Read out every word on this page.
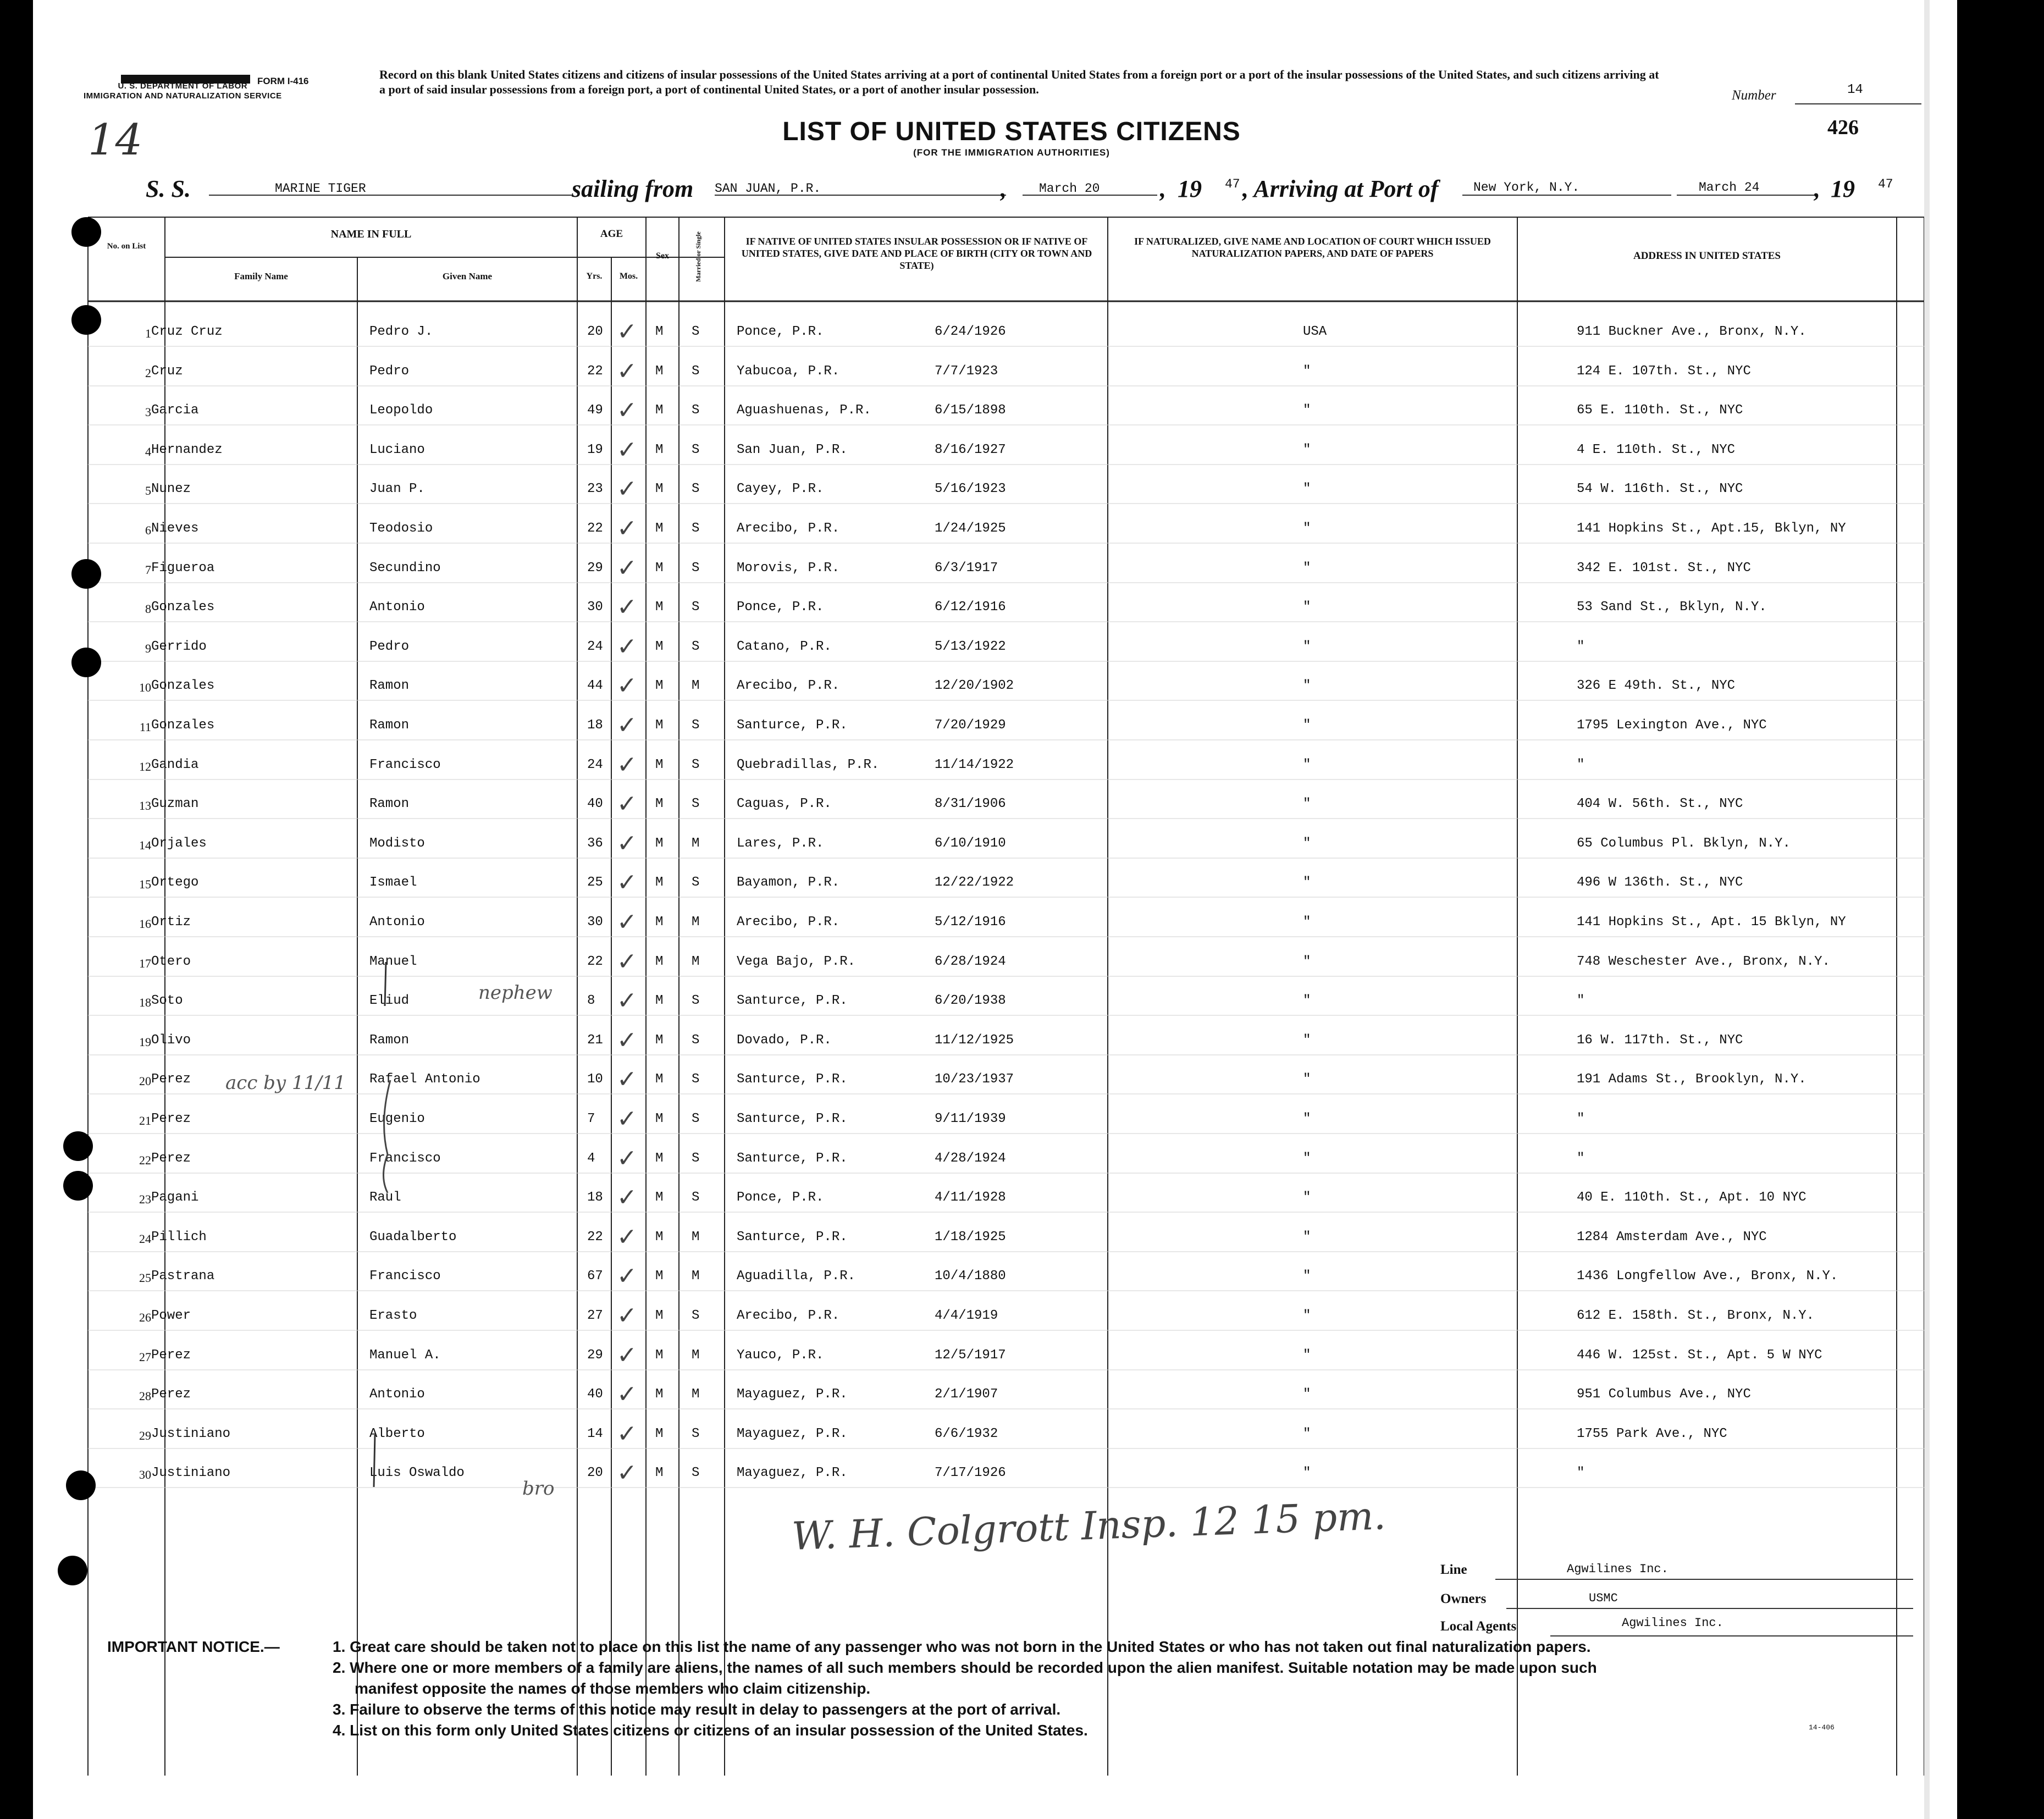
FORM I-416
U. S. DEPARTMENT OF LABOR
IMMIGRATION AND NATURALIZATION SERVICE
Record on this blank United States citizens and citizens of insular possessions of the United States arriving at a port of continental United States from a foreign port or a port of the insular possessions of the United States, and such citizens arriving at a port of said insular possessions from a foreign port, a port of continental United States, or a port of another insular possession.	Number	14
14	LIST OF UNITED STATES CITIZENS
(FOR THE IMMIGRATION AUTHORITIES)
426
S. S.	MARINE TIGER	sailing from SAN JUAN, P.R.	,	March 20 , 19 47 , Arriving at Port of	New York, N.Y.	March 24 , 19 47
No. on List
NAME IN FULL
Family Name	Given Name
AGE
Yrs.	Mos.
Sex	Married or Single	IF NATIVE OF UNITED STATES INSULAR POSSESSION OR IF NATIVE OF UNITED STATES, GIVE DATE AND PLACE OF BIRTH (CITY OR TOWN AND STATE)
IF NATURALIZED, GIVE NAME AND LOCATION OF COURT WHICH ISSUED NATURALIZATION PAPERS, AND DATE OF PAPERS	ADDRESS IN UNITED STATES
1 Cruz Cruz	Pedro J.	20	M S	Ponce, P.R.	6/24/1926	USA	911 Buckner Ave., Bronx, N.Y.
✓
2 Cruz	Pedro	22	M S	Yabucoa, P.R.	7/7/1923	"	124 E. 107th. St., NYC
✓
3 Garcia	Leopoldo	49	M S	Aguashuenas, P.R.	6/15/1898	"	65 E. 110th. St., NYC
✓
4 Hernandez	Luciano	19	M S	San Juan, P.R.	8/16/1927	"	4 E. 110th. St., NYC
✓
5 Nunez	Juan P.	23	M S	Cayey, P.R.	5/16/1923	"	54 W. 116th. St., NYC
✓
6 Nieves	Teodosio	22	M S	Arecibo, P.R.	1/24/1925	"	141 Hopkins St., Apt.15, Bklyn, NY
✓
7 Figueroa	Secundino	29	M S	Morovis, P.R.	6/3/1917	"	342 E. 101st. St., NYC
✓
8 Gonzales	Antonio	30	M S	Ponce, P.R.	6/12/1916	"	53 Sand St., Bklyn, N.Y.
✓
9 Gerrido	Pedro	24	M S	Catano, P.R.	5/13/1922	"	"
✓
10 Gonzales	Ramon	44	M M	Arecibo, P.R.	12/20/1902	"	326 E 49th. St., NYC
✓
11 Gonzales	Ramon	18	M S	Santurce, P.R.	7/20/1929	"	1795 Lexington Ave., NYC
✓
12 Gandia	Francisco	24	M S	Quebradillas, P.R.	11/14/1922	"	"
✓
13 Guzman	Ramon	40	M S	Caguas, P.R.	8/31/1906	"	404 W. 56th. St., NYC
✓
14 Orjales	Modisto	36	M M	Lares, P.R.	6/10/1910	"	65 Columbus Pl. Bklyn, N.Y.
✓
15 Ortego	Ismael	25	M S	Bayamon, P.R.	12/22/1922	"	496 W 136th. St., NYC
✓
16 Ortiz	Antonio	30	M M	Arecibo, P.R.	5/12/1916	"	141 Hopkins St., Apt. 15 Bklyn, NY
✓
17 Otero	Manuel	22	M M	Vega Bajo, P.R.	6/28/1924	"	748 Weschester Ave., Bronx, N.Y.
✓
18 Soto	Eliud	8	M S	Santurce, P.R.	6/20/1938	"	"
✓
19 Olivo	Ramon	21	M S	Dovado, P.R.	11/12/1925	"	16 W. 117th. St., NYC
✓
20 Perez	Rafael Antonio	10	M S	Santurce, P.R.	10/23/1937	"	191 Adams St., Brooklyn, N.Y.
✓
21 Perez	Eugenio	7	M S	Santurce, P.R.	9/11/1939	"	"
✓
22 Perez	Francisco	4	M S	Santurce, P.R.	4/28/1924	"	"
✓
23 Pagani	Raul	18	M S	Ponce, P.R.	4/11/1928	"	40 E. 110th. St., Apt. 10 NYC
✓
24 Pillich	Guadalberto	22	M M	Santurce, P.R.	1/18/1925	"	1284 Amsterdam Ave., NYC
✓
25 Pastrana	Francisco	67	M M	Aguadilla, P.R.	10/4/1880	"	1436 Longfellow Ave., Bronx, N.Y.
✓
26 Power	Erasto	27	M S	Arecibo, P.R.	4/4/1919	"	612 E. 158th. St., Bronx, N.Y.
✓
27 Perez	Manuel A.	29	M M	Yauco, P.R.	12/5/1917	"	446 W. 125st. St., Apt. 5 W NYC
✓
28 Perez	Antonio	40	M M	Mayaguez, P.R.	2/1/1907	"	951 Columbus Ave., NYC
✓
29 Justiniano	Alberto	14	M S	Mayaguez, P.R.	6/6/1932	"	1755 Park Ave., NYC
✓
30 Justiniano	Luis Oswaldo	20	M S	Mayaguez, P.R.	7/17/1926	"	"
✓
nephew
acc by 11/11
bro
W. H. Colgrott Insp. 12 15 pm.
Line	Agwilines Inc.
Owners	USMC
Local Agents	Agwilines Inc.
IMPORTANT NOTICE.—	1. Great care should be taken not to place on this list the name of any passenger who was not born in the United States or who has not taken out final naturalization papers.
2. Where one or more members of a family are aliens, the names of all such members should be recorded upon the alien manifest. Suitable notation may be made upon such
manifest opposite the names of those members who claim citizenship.
3. Failure to observe the terms of this notice may result in delay to passengers at the port of arrival.
4. List on this form only United States citizens or citizens of an insular possession of the United States.	14-406
